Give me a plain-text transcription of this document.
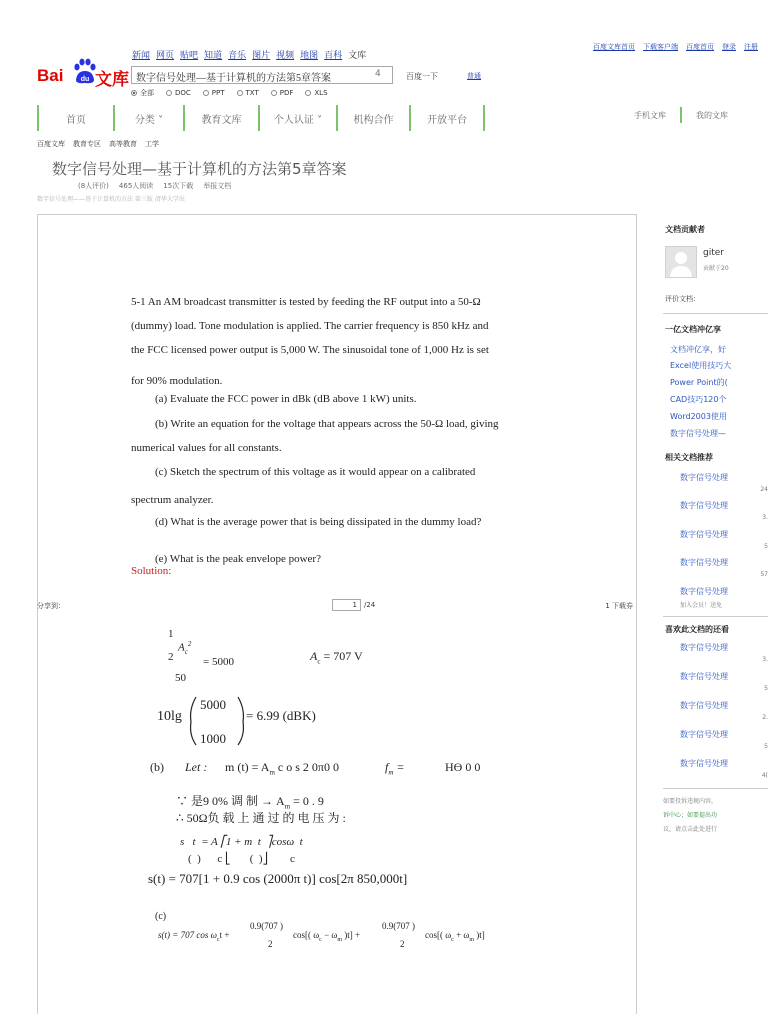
新闻 网页 贴吧 知道 音乐 图片 视频 地图 百科 文库
百度文库首页 下载客户端 百度首页 登录 注册
Bai du 文库 数字信号处理—基于计算机的方法第5章答案	4	百度一下	普通
全部	DOC	PPT	TXT	PDF	XLS
首页	分类 ˅	教育文库	个人认证 ˅	机构合作	开放平台	手机文库	我的文库
百度文库 教育专区 高等教育 工学
数字信号处理—基于计算机的方法第5章答案
(8人评价) 465人阅读 15次下载 举报文档
数字信号处理——基于计算机的方法 第三版 清华大学出
5-1 An AM broadcast transmitter is tested by feeding the RF output into a 50-Ω
(dummy) load. Tone modulation is applied. The carrier frequency is 850 kHz and
the FCC licensed power output is 5,000 W. The sinusoidal tone of 1,000 Hz is set
for 90% modulation.
(a) Evaluate the FCC power in dBk (dB above 1 kW) units.
(b) Write an equation for the voltage that appears across the 50-Ω load, giving
numerical values for all constants.
(c) Sketch the spectrum of this voltage as it would appear on a calibrated
spectrum analyzer.
(d) What is the average power that is being dissipated in the dummy load?
(e) What is the peak envelope power?
Solution:
分享到：	1	/24	1 下载券
1
$A_c^2$
2	= 5000
50
$A_c = 707$ V
10lg
5000
1000
= 6.99 (dBK)
(b) Let : m $(t) = A_m$ c o s 2 0π0 0	$f_m$ =	HƟ 0 0
∵ 是9 0% 调 制 → $A_m = 0$ . 9
∴ 50Ω负 载 上 通 过 的 电 压 为 :
s   t  = A ⎡1 + m  t  ⎤cosω  t
(  )      c ⎣       (  )⎦        c
s(t) = 707[1 + 0.9 cos (2000π t)] cos[2π 850,000t]
(c)
s(t) = 707 $\cos \omega_ct$ +
0.9(707 )
2
cos[( $\omega_c - \omega_m$ )t] +
0.9(707 )
2
cos[( $\omega_c + \omega_m$ )t]
文档贡献者
giter
贡献于20
评价文档：
一亿文档冲亿享
文档冲亿享，好
Excel使用技巧大
Power Point的(
CAD技巧120个
Word2003使用
数字信号处理—
相关文档推荐
数字信号处理
24
数字信号处理
3.
数字信号处理
5
数字信号处理
57
数字信号处理
加入会员！送免
喜欢此文档的还看
数字信号处理
3.
数字信号处理
5
数字信号处理
2.
数字信号处理
5
数字信号处理
4(
如要投诉违规内容，
诉中心；如要提出功
议，请点击此处进行
